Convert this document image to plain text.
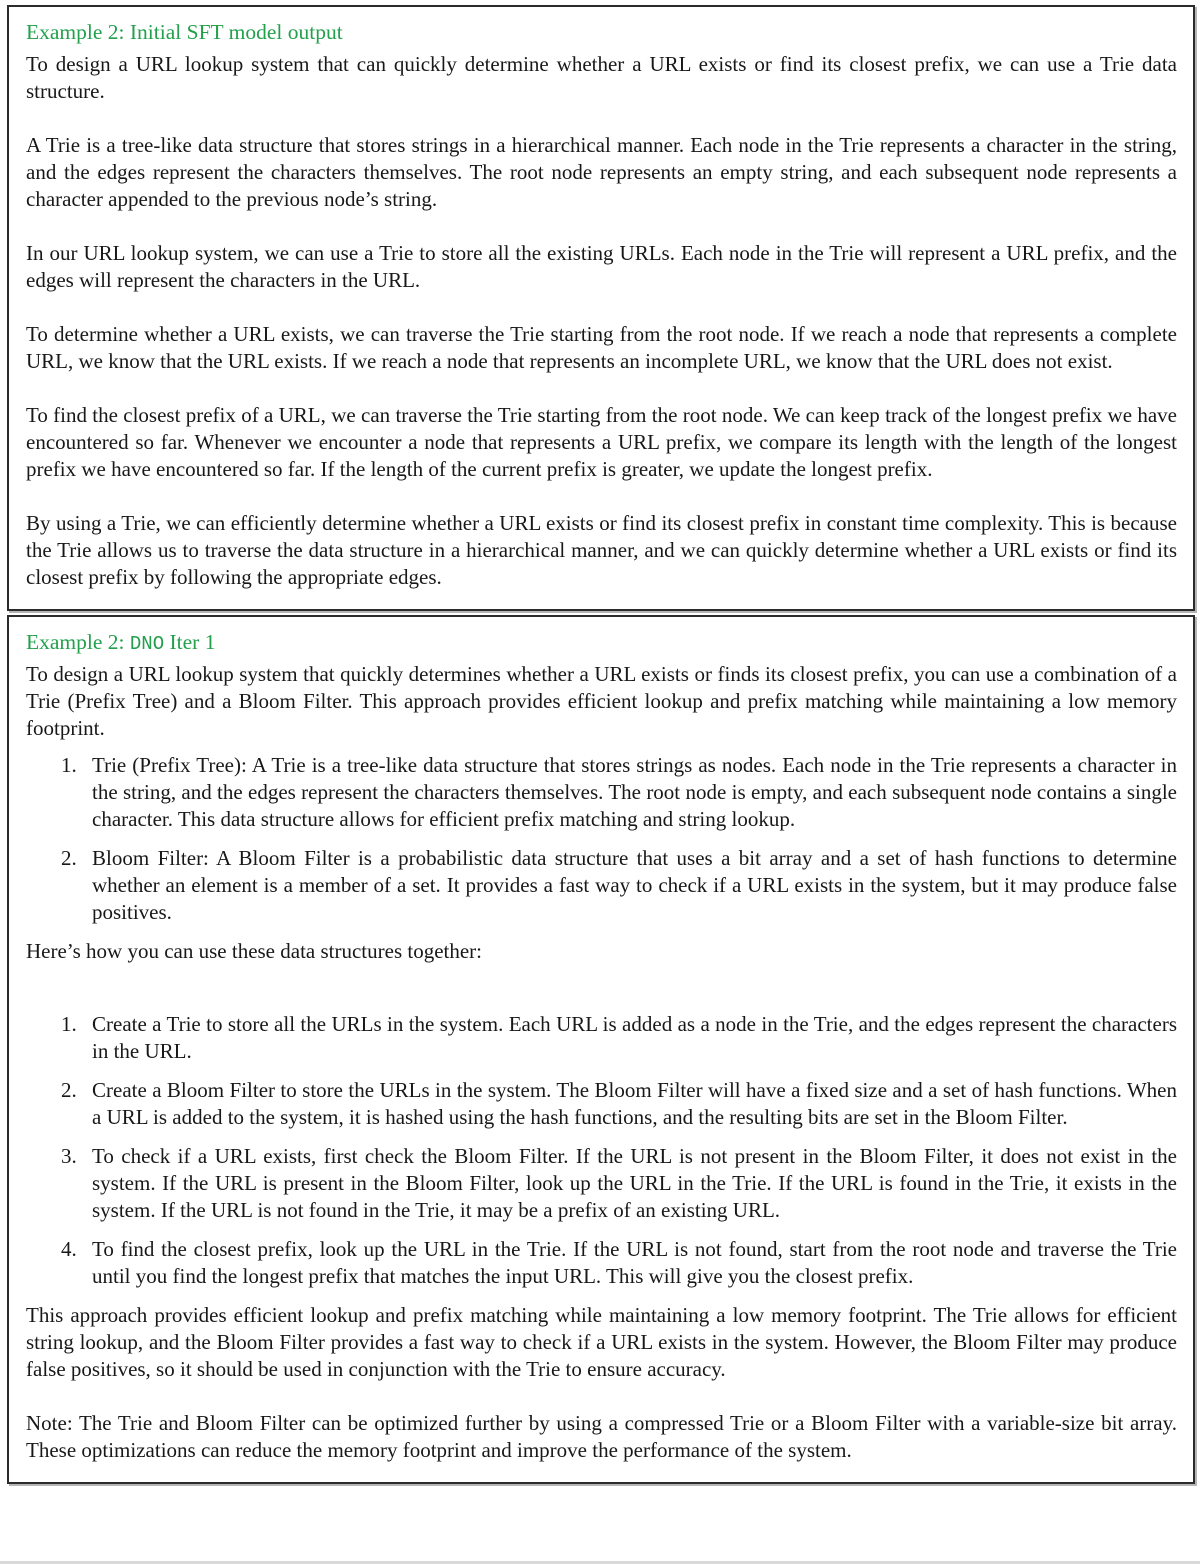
Example 2: Initial SFT model output

To design a URL lookup system that can quickly determine whether a URL exists or find its closest prefix, we can use a Trie data structure.

A Trie is a tree-like data structure that stores strings in a hierarchical manner. Each node in the Trie represents a character in the string, and the edges represent the characters themselves. The root node represents an empty string, and each subsequent node represents a character appended to the previous node’s string.

In our URL lookup system, we can use a Trie to store all the existing URLs. Each node in the Trie will represent a URL prefix, and the edges will represent the characters in the URL.

To determine whether a URL exists, we can traverse the Trie starting from the root node. If we reach a node that represents a complete URL, we know that the URL exists. If we reach a node that represents an incomplete URL, we know that the URL does not exist.

To find the closest prefix of a URL, we can traverse the Trie starting from the root node. We can keep track of the longest prefix we have encountered so far. Whenever we encounter a node that represents a URL prefix, we compare its length with the length of the longest prefix we have encountered so far. If the length of the current prefix is greater, we update the longest prefix.

By using a Trie, we can efficiently determine whether a URL exists or find its closest prefix in constant time complexity. This is because the Trie allows us to traverse the data structure in a hierarchical manner, and we can quickly determine whether a URL exists or find its closest prefix by following the appropriate edges.

Example 2: DNO Iter 1

To design a URL lookup system that quickly determines whether a URL exists or finds its closest prefix, you can use a combination of a Trie (Prefix Tree) and a Bloom Filter. This approach provides efficient lookup and prefix matching while maintaining a low memory footprint.

1. Trie (Prefix Tree): A Trie is a tree-like data structure that stores strings as nodes. Each node in the Trie represents a character in the string, and the edges represent the characters themselves. The root node is empty, and each subsequent node contains a single character. This data structure allows for efficient prefix matching and string lookup.
2. Bloom Filter: A Bloom Filter is a probabilistic data structure that uses a bit array and a set of hash functions to determine whether an element is a member of a set. It provides a fast way to check if a URL exists in the system, but it may produce false positives.

Here’s how you can use these data structures together:

1. Create a Trie to store all the URLs in the system. Each URL is added as a node in the Trie, and the edges represent the characters in the URL.
2. Create a Bloom Filter to store the URLs in the system. The Bloom Filter will have a fixed size and a set of hash functions. When a URL is added to the system, it is hashed using the hash functions, and the resulting bits are set in the Bloom Filter.
3. To check if a URL exists, first check the Bloom Filter. If the URL is not present in the Bloom Filter, it does not exist in the system. If the URL is present in the Bloom Filter, look up the URL in the Trie. If the URL is found in the Trie, it exists in the system. If the URL is not found in the Trie, it may be a prefix of an existing URL.
4. To find the closest prefix, look up the URL in the Trie. If the URL is not found, start from the root node and traverse the Trie until you find the longest prefix that matches the input URL. This will give you the closest prefix.

This approach provides efficient lookup and prefix matching while maintaining a low memory footprint. The Trie allows for efficient string lookup, and the Bloom Filter provides a fast way to check if a URL exists in the system. However, the Bloom Filter may produce false positives, so it should be used in conjunction with the Trie to ensure accuracy.

Note: The Trie and Bloom Filter can be optimized further by using a compressed Trie or a Bloom Filter with a variable-size bit array. These optimizations can reduce the memory footprint and improve the performance of the system.
